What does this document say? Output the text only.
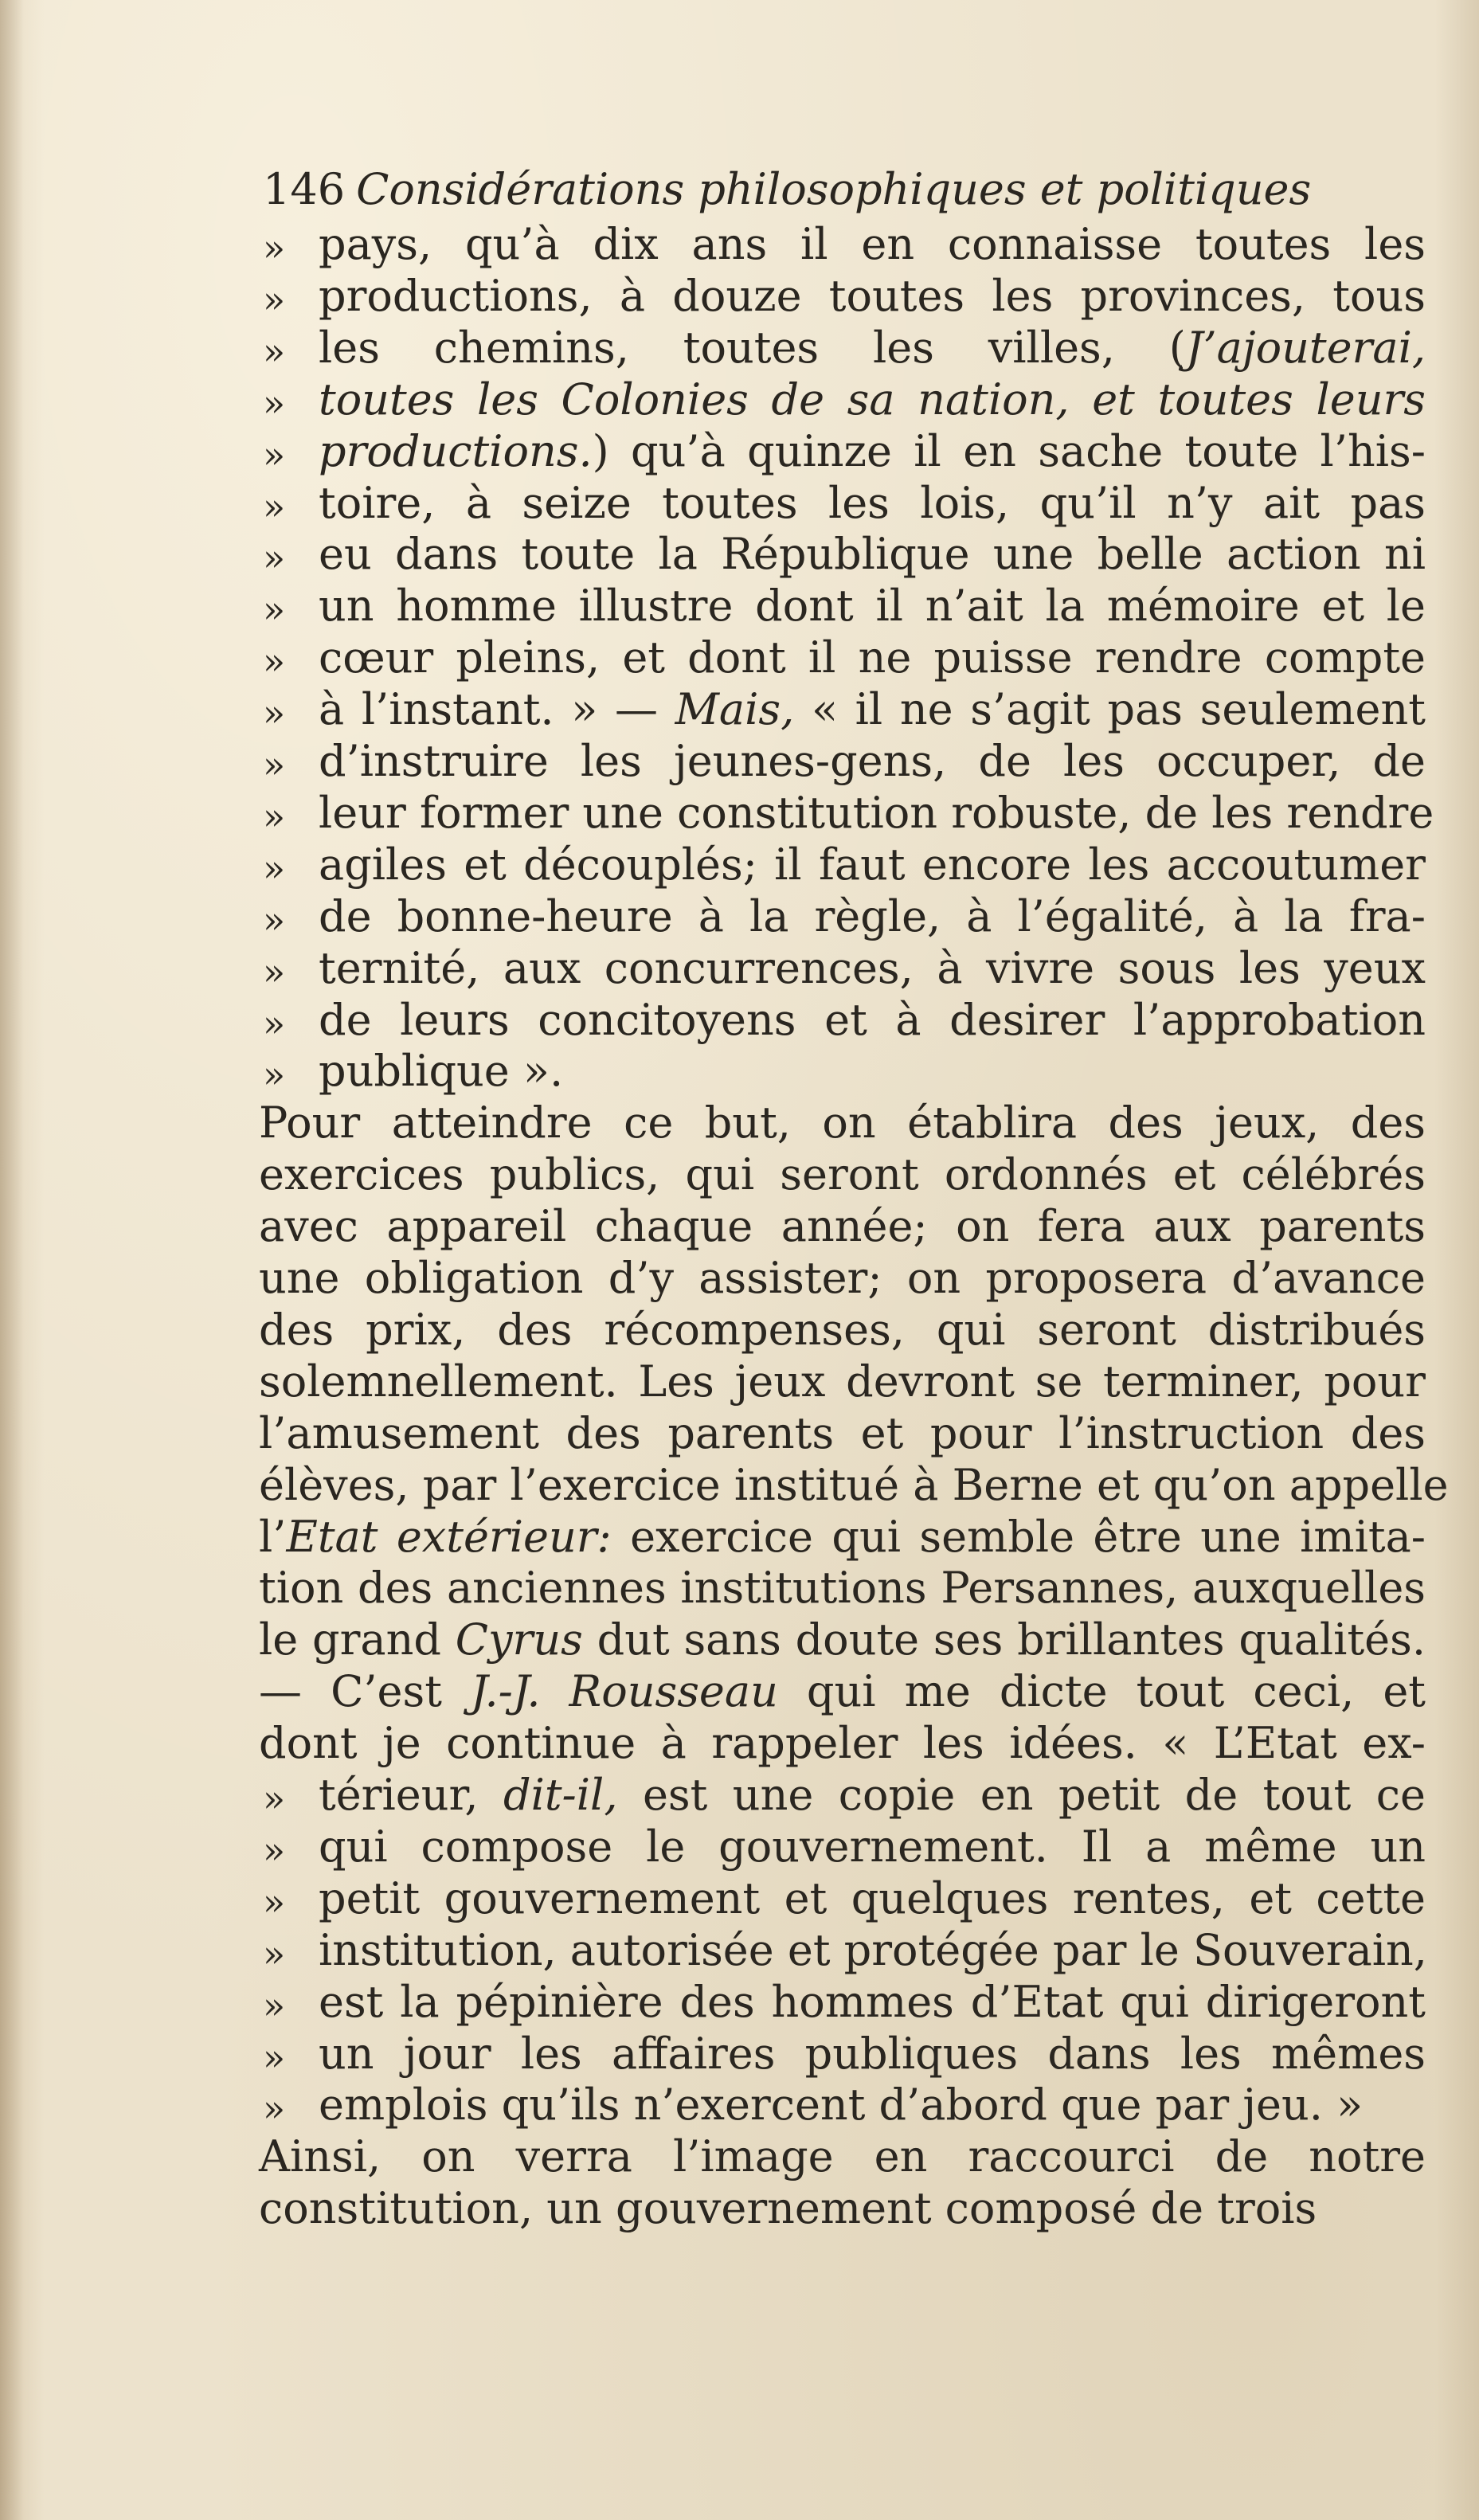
146 Considérations philosophiques et politiques
» pays, qu’à dix ans il en connaisse toutes les
» productions, à douze toutes les provinces, tous
» les chemins, toutes les villes, (J’ajouterai,
» toutes les Colonies de sa nation, et toutes leurs
» productions.) qu’à quinze il en sache toute l’his-
» toire, à seize toutes les lois, qu’il n’y ait pas
» eu dans toute la République une belle action ni
» un homme illustre dont il n’ait la mémoire et le
» cœur pleins, et dont il ne puisse rendre compte
» à l’instant. » — Mais, « il ne s’agit pas seulement
» d’instruire les jeunes-gens, de les occuper, de
» leur former une constitution robuste, de les rendre
» agiles et découplés; il faut encore les accoutumer
» de bonne-heure à la règle, à l’égalité, à la fra-
» ternité, aux concurrences, à vivre sous les yeux
» de leurs concitoyens et à desirer l’approbation
» publique ».
Pour atteindre ce but, on établira des jeux, des
exercices publics, qui seront ordonnés et célébrés
avec appareil chaque année; on fera aux parents
une obligation d’y assister; on proposera d’avance
des prix, des récompenses, qui seront distribués
solemnellement. Les jeux devront se terminer, pour
l’amusement des parents et pour l’instruction des
élèves, par l’exercice institué à Berne et qu’on appelle
l’Etat extérieur: exercice qui semble être une imita-
tion des anciennes institutions Persannes, auxquelles
le grand Cyrus dut sans doute ses brillantes qualités.
— C’est J.-J. Rousseau qui me dicte tout ceci, et
dont je continue à rappeler les idées. « L’Etat ex-
» térieur, dit-il, est une copie en petit de tout ce
» qui compose le gouvernement. Il a même un
» petit gouvernement et quelques rentes, et cette
» institution, autorisée et protégée par le Souverain,
» est la pépinière des hommes d’Etat qui dirigeront
» un jour les affaires publiques dans les mêmes
» emplois qu’ils n’exercent d’abord que par jeu. »
Ainsi, on verra l’image en raccourci de notre
constitution, un gouvernement composé de trois
